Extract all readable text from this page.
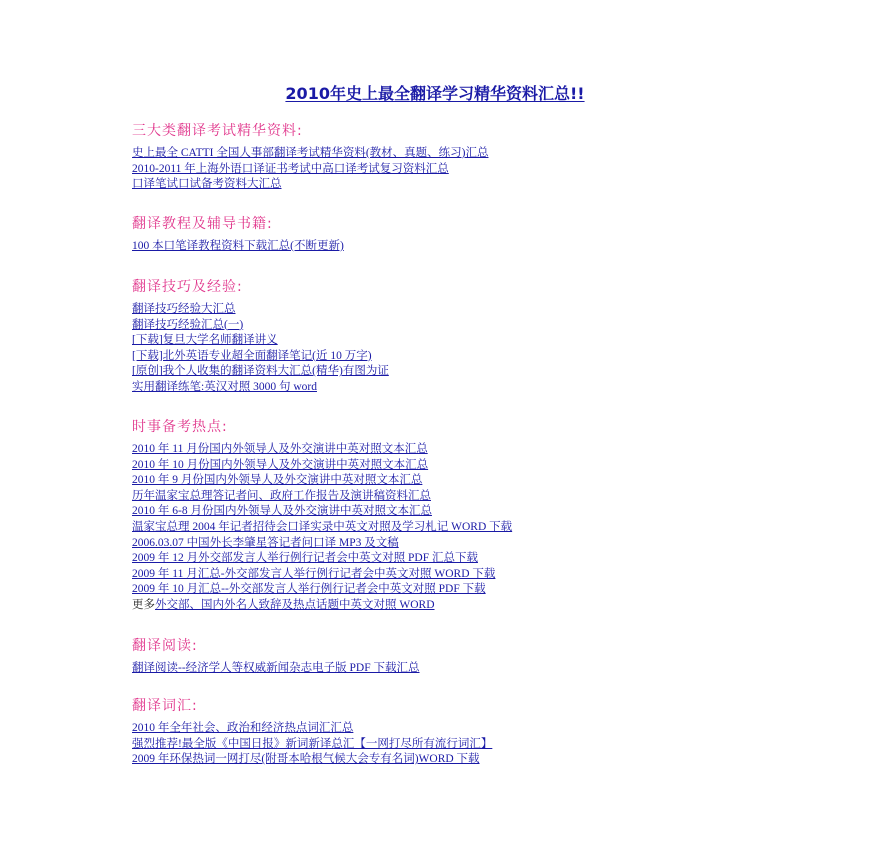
2010年史上最全翻译学习精华资料汇总!!
三大类翻译考试精华资料:
史上最全 CATTI 全国人事部翻译考试精华资料(教材、真题、练习)汇总
2010-2011 年上海外语口译证书考试中高口译考试复习资料汇总
口译笔试口试备考资料大汇总
翻译教程及辅导书籍:
100 本口笔译教程资料下载汇总(不断更新)
翻译技巧及经验:
翻译技巧经验大汇总
翻译技巧经验汇总(一)
[下载]复旦大学名师翻译讲义
[下载]北外英语专业超全面翻译笔记(近 10 万字)
[原创]我个人收集的翻译资料大汇总(精华)有图为证
实用翻译练笔:英汉对照 3000 句 word
时事备考热点:
2010 年 11 月份国内外领导人及外交演讲中英对照文本汇总
2010 年 10 月份国内外领导人及外交演讲中英对照文本汇总
2010 年 9 月份国内外领导人及外交演讲中英对照文本汇总
历年温家宝总理答记者问、政府工作报告及演讲稿资料汇总
2010 年 6-8 月份国内外领导人及外交演讲中英对照文本汇总
温家宝总理 2004 年记者招待会口译实录中英文对照及学习札记 WORD 下载
2006.03.07 中国外长李肇星答记者问口译 MP3 及文稿
2009 年 12 月外交部发言人举行例行记者会中英文对照 PDF 汇总下载
2009 年 11 月汇总-外交部发言人举行例行记者会中英文对照 WORD 下载
2009 年 10 月汇总--外交部发言人举行例行记者会中英文对照 PDF 下载
更多外交部、国内外名人致辞及热点话题中英文对照 WORD
翻译阅读:
翻译阅读--经济学人等权威新闻杂志电子版 PDF 下载汇总
翻译词汇:
2010 年全年社会、政治和经济热点词汇汇总
强烈推荐!最全版《中国日报》新词新译总汇【一网打尽所有流行词汇】
2009 年环保热词一网打尽(附哥本哈根气候大会专有名词)WORD 下载
